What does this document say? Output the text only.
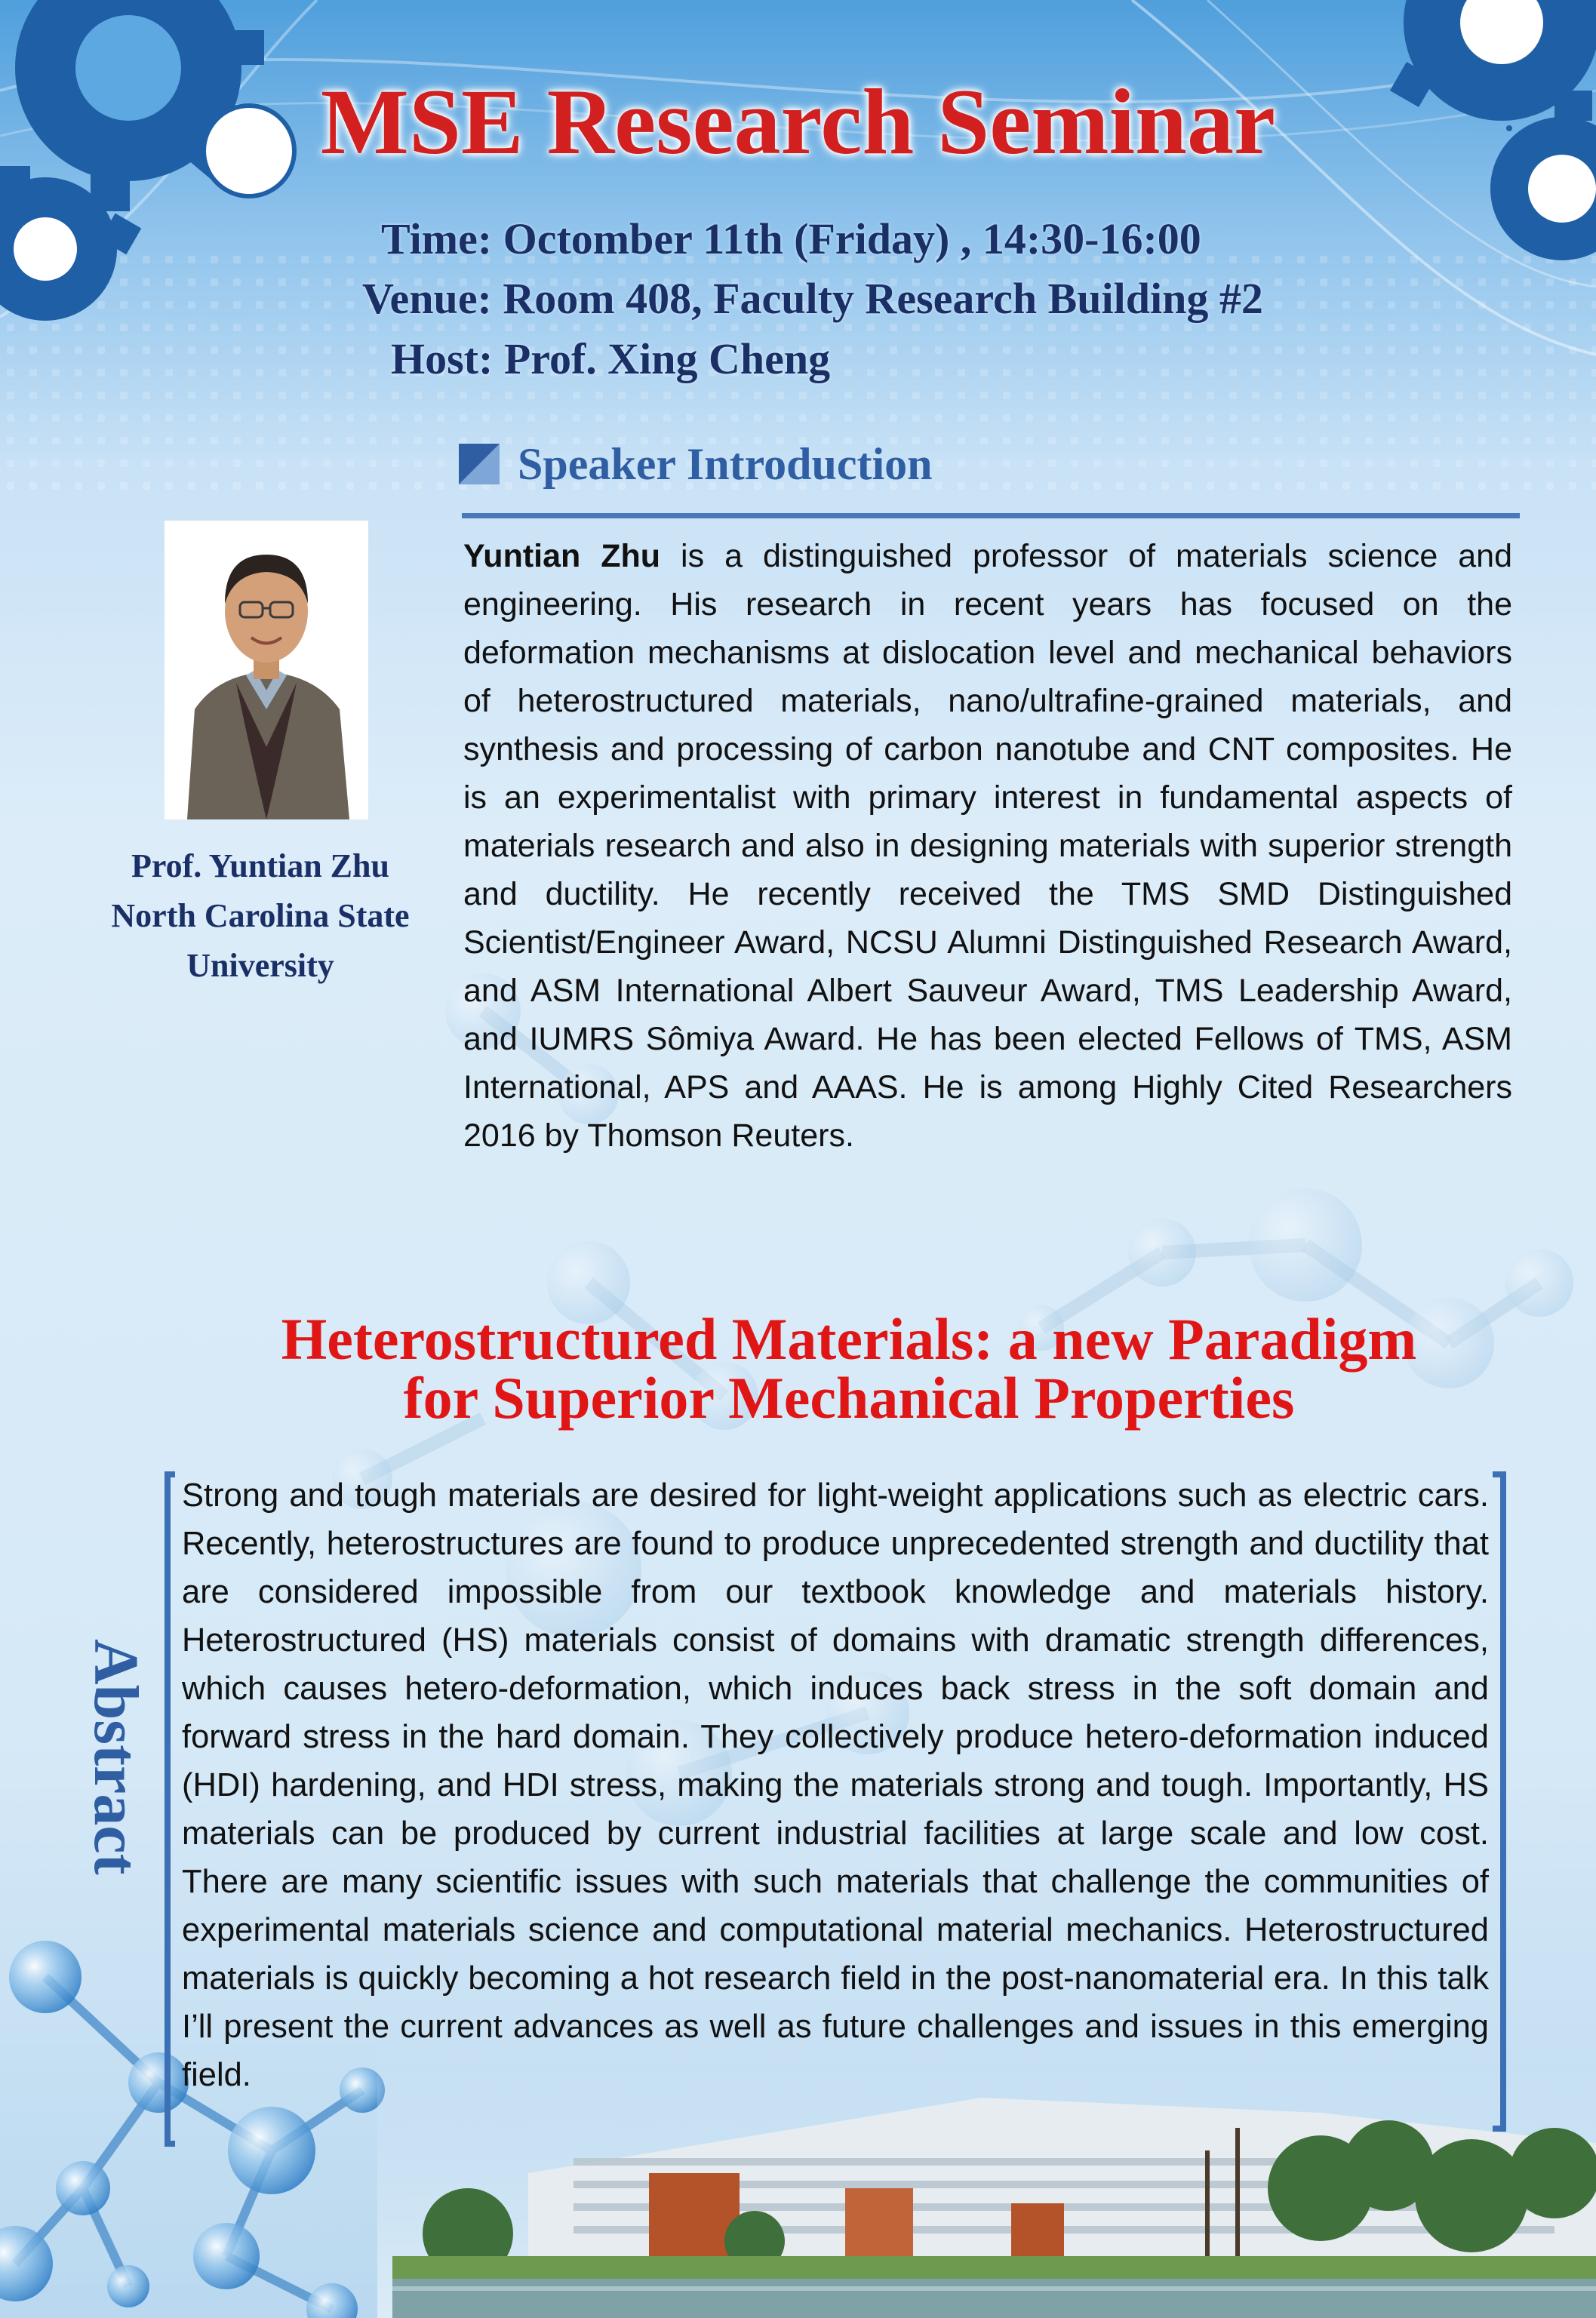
MSE Research Seminar
Time: Octomber 11th (Friday) , 14:30-16:00
Venue: Room 408, Faculty Research Building #2
Host: Prof. Xing Cheng
Speaker Introduction
Prof. Yuntian Zhu
North Carolina State
University
Yuntian Zhu is a distinguished professor of materials science and engineering. His research in recent years has focused on the deformation mechanisms at dislocation level and mechanical behaviors of heterostructured materials, nano/ultrafine-grained materials, and synthesis and processing of carbon nanotube and CNT composites. He is an experimentalist with primary interest in fundamental aspects of materials research and also in designing materials with superior strength and ductility. He recently received the TMS SMD Distinguished Scientist/Engineer Award, NCSU Alumni Distinguished Research Award, and ASM International Albert Sauveur Award, TMS Leadership Award, and IUMRS Sômiya Award. He has been elected Fellows of TMS, ASM International, APS and AAAS. He is among Highly Cited Researchers 2016 by Thomson Reuters.
Heterostructured Materials: a new Paradigm
for Superior Mechanical Properties
Abstract
Strong and tough materials are desired for light-weight applications such as electric cars. Recently, heterostructures are found to produce unprecedented strength and ductility that are considered impossible from our textbook knowledge and materials history. Heterostructured (HS) materials consist of domains with dramatic strength differences, which causes hetero-deformation, which induces back stress in the soft domain and forward stress in the hard domain. They collectively produce hetero-deformation induced (HDI) hardening, and HDI stress, making the materials strong and tough. Importantly, HS materials can be produced by current industrial facilities at large scale and low cost. There are many scientific issues with such materials that challenge the communities of experimental materials science and computational material mechanics. Heterostructured materials is quickly becoming a hot research field in the post-nanomaterial era. In this talk I’ll present the current advances as well as future challenges and issues in this emerging field.
